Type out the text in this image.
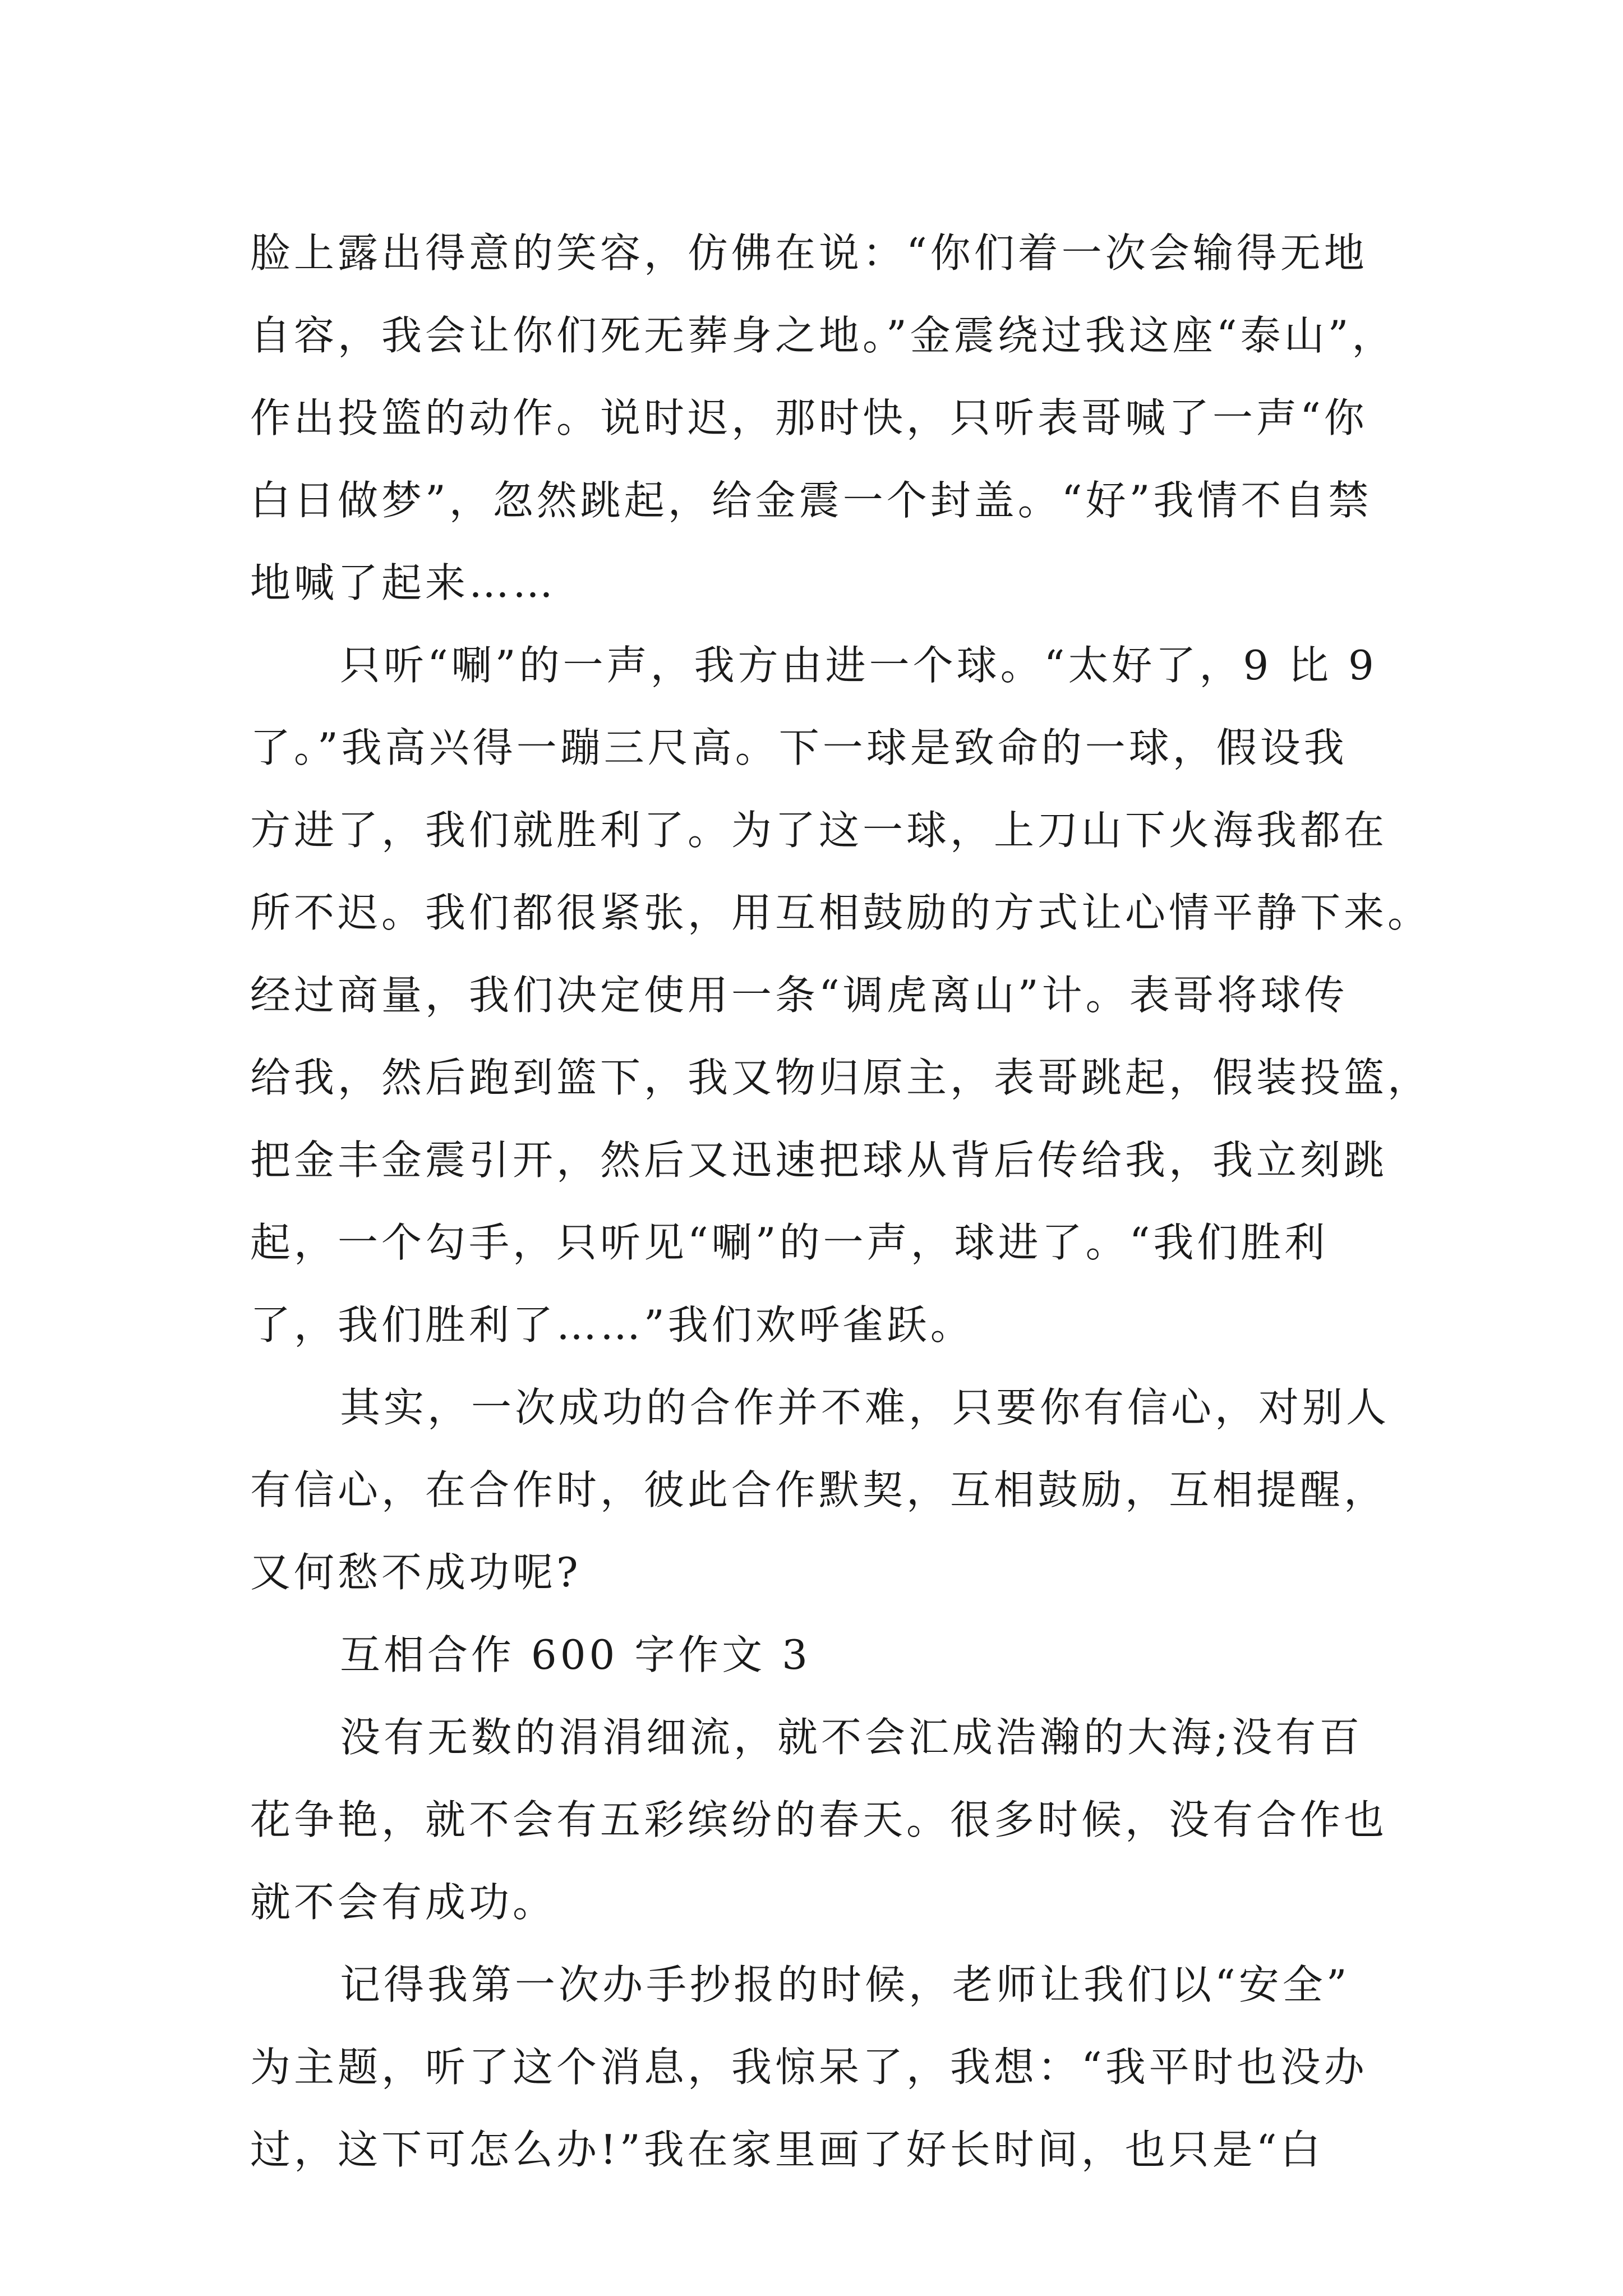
脸上露出得意的笑容，仿佛在说：“你们着一次会输得无地
自容，我会让你们死无葬身之地。”金震绕过我这座“泰山”，
作出投篮的动作。说时迟，那时快，只听表哥喊了一声“你
白日做梦”，忽然跳起，给金震一个封盖。“好”我情不自禁
地喊了起来……
只听“唰”的一声，我方由进一个球。“太好了，9 比 9
了。”我高兴得一蹦三尺高。下一球是致命的一球，假设我
方进了，我们就胜利了。为了这一球，上刀山下火海我都在
所不迟。我们都很紧张，用互相鼓励的方式让心情平静下来。
经过商量，我们决定使用一条“调虎离山”计。表哥将球传
给我，然后跑到篮下，我又物归原主，表哥跳起，假装投篮，
把金丰金震引开，然后又迅速把球从背后传给我，我立刻跳
起，一个勾手，只听见“唰”的一声，球进了。“我们胜利
了，我们胜利了……”我们欢呼雀跃。
其实，一次成功的合作并不难，只要你有信心，对别人
有信心，在合作时，彼此合作默契，互相鼓励，互相提醒，
又何愁不成功呢?
互相合作 600 字作文 3
没有无数的涓涓细流，就不会汇成浩瀚的大海;没有百
花争艳，就不会有五彩缤纷的春天。很多时候，没有合作也
就不会有成功。
记得我第一次办手抄报的时候，老师让我们以“安全”
为主题，听了这个消息，我惊呆了，我想：“我平时也没办
过，这下可怎么办!”我在家里画了好长时间，也只是“白
